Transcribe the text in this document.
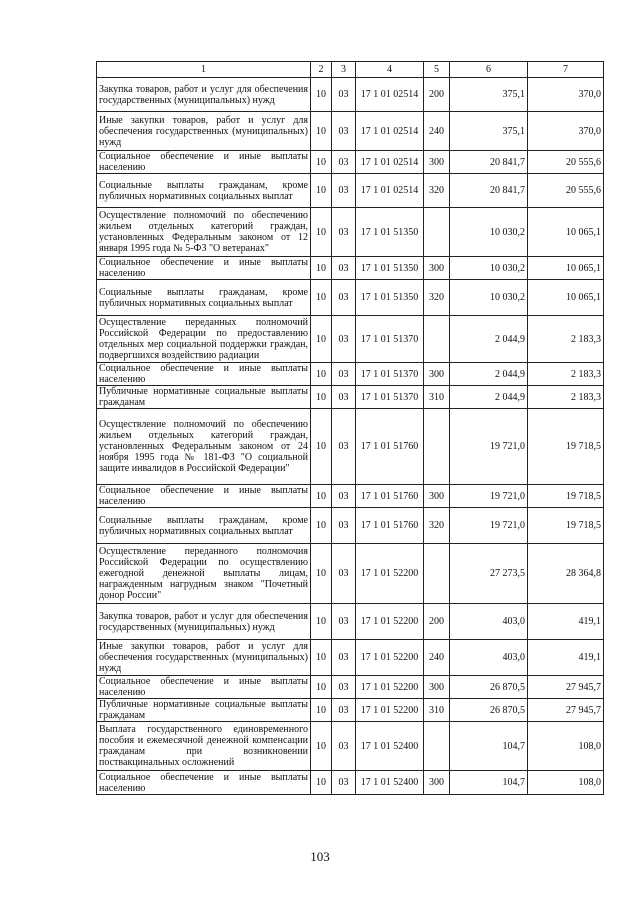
1	2	3	4	5	6	7
Закупка товаров, работ и услуг для обеспечения государственных (муниципальных) нужд	10	03	17 1 01 02514	200	375,1	370,0
Иные закупки товаров, работ и услуг для обеспечения государственных (муниципальных) нужд	10	03	17 1 01 02514	240	375,1	370,0
Социальное обеспечение и иные выплаты населению	10	03	17 1 01 02514	300	20 841,7	20 555,6
Социальные выплаты гражданам, кроме публичных нормативных социальных выплат	10	03	17 1 01 02514	320	20 841,7	20 555,6
Осуществление полномочий по обеспечению жильем отдельных категорий граждан, установленных Федеральным законом от 12 января 1995 года № 5-ФЗ "О ветеранах"	10	03	17 1 01 51350		10 030,2	10 065,1
Социальное обеспечение и иные выплаты населению	10	03	17 1 01 51350	300	10 030,2	10 065,1
Социальные выплаты гражданам, кроме публичных нормативных социальных выплат	10	03	17 1 01 51350	320	10 030,2	10 065,1
Осуществление переданных полномочий Российской Федерации по предоставлению отдельных мер социальной поддержки граждан, подвергшихся воздействию радиации	10	03	17 1 01 51370		2 044,9	2 183,3
Социальное обеспечение и иные выплаты населению	10	03	17 1 01 51370	300	2 044,9	2 183,3
Публичные нормативные социальные выплаты гражданам	10	03	17 1 01 51370	310	2 044,9	2 183,3
Осуществление полномочий по обеспечению жильем отдельных категорий граждан, установленных Федеральным законом от 24 ноября 1995 года № 181-ФЗ "О социальной защите инвалидов в Российской Федерации"	10	03	17 1 01 51760		19 721,0	19 718,5
Социальное обеспечение и иные выплаты населению	10	03	17 1 01 51760	300	19 721,0	19 718,5
Социальные выплаты гражданам, кроме публичных нормативных социальных выплат	10	03	17 1 01 51760	320	19 721,0	19 718,5
Осуществление переданного полномочия Российской Федерации по осуществлению ежегодной денежной выплаты лицам, награжденным нагрудным знаком "Почетный донор России"	10	03	17 1 01 52200		27 273,5	28 364,8
Закупка товаров, работ и услуг для обеспечения государственных (муниципальных) нужд	10	03	17 1 01 52200	200	403,0	419,1
Иные закупки товаров, работ и услуг для обеспечения государственных (муниципальных) нужд	10	03	17 1 01 52200	240	403,0	419,1
Социальное обеспечение и иные выплаты населению	10	03	17 1 01 52200	300	26 870,5	27 945,7
Публичные нормативные социальные выплаты гражданам	10	03	17 1 01 52200	310	26 870,5	27 945,7
Выплата государственного единовременного пособия и ежемесячной денежной компенсации гражданам при возникновении поствакцинальных осложнений	10	03	17 1 01 52400		104,7	108,0
Социальное обеспечение и иные выплаты населению	10	03	17 1 01 52400	300	104,7	108,0
103
